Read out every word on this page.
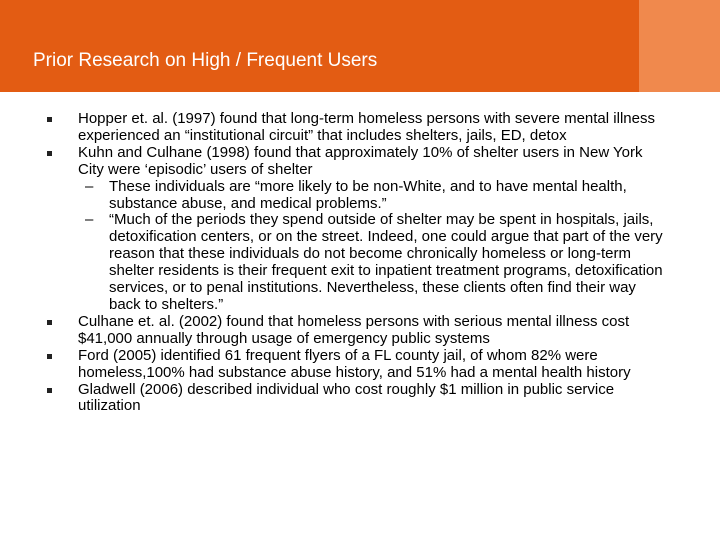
Prior Research on High / Frequent Users
Hopper et. al. (1997) found that long-term homeless persons with severe mental illness experienced an “institutional circuit” that includes shelters, jails, ED, detox
Kuhn and Culhane (1998) found that approximately 10% of shelter users in New York City were ‘episodic’ users of shelter
– These individuals are “more likely to be non-White, and to have mental health, substance abuse, and medical problems.”
– “Much of the periods they spend outside of shelter may be spent in hospitals, jails, detoxification centers, or on the street. Indeed, one could argue that part of the very reason that these individuals do not become chronically homeless or long-term shelter residents is their frequent exit to inpatient treatment programs, detoxification services, or to penal institutions. Nevertheless, these clients often find their way back to shelters.”
Culhane et. al. (2002) found that homeless persons with serious mental illness cost $41,000 annually through usage of emergency public systems
Ford (2005) identified 61 frequent flyers of a FL county jail, of whom 82% were homeless,100% had substance abuse history, and 51% had a mental health history
Gladwell (2006) described individual who cost roughly $1 million in public service utilization
